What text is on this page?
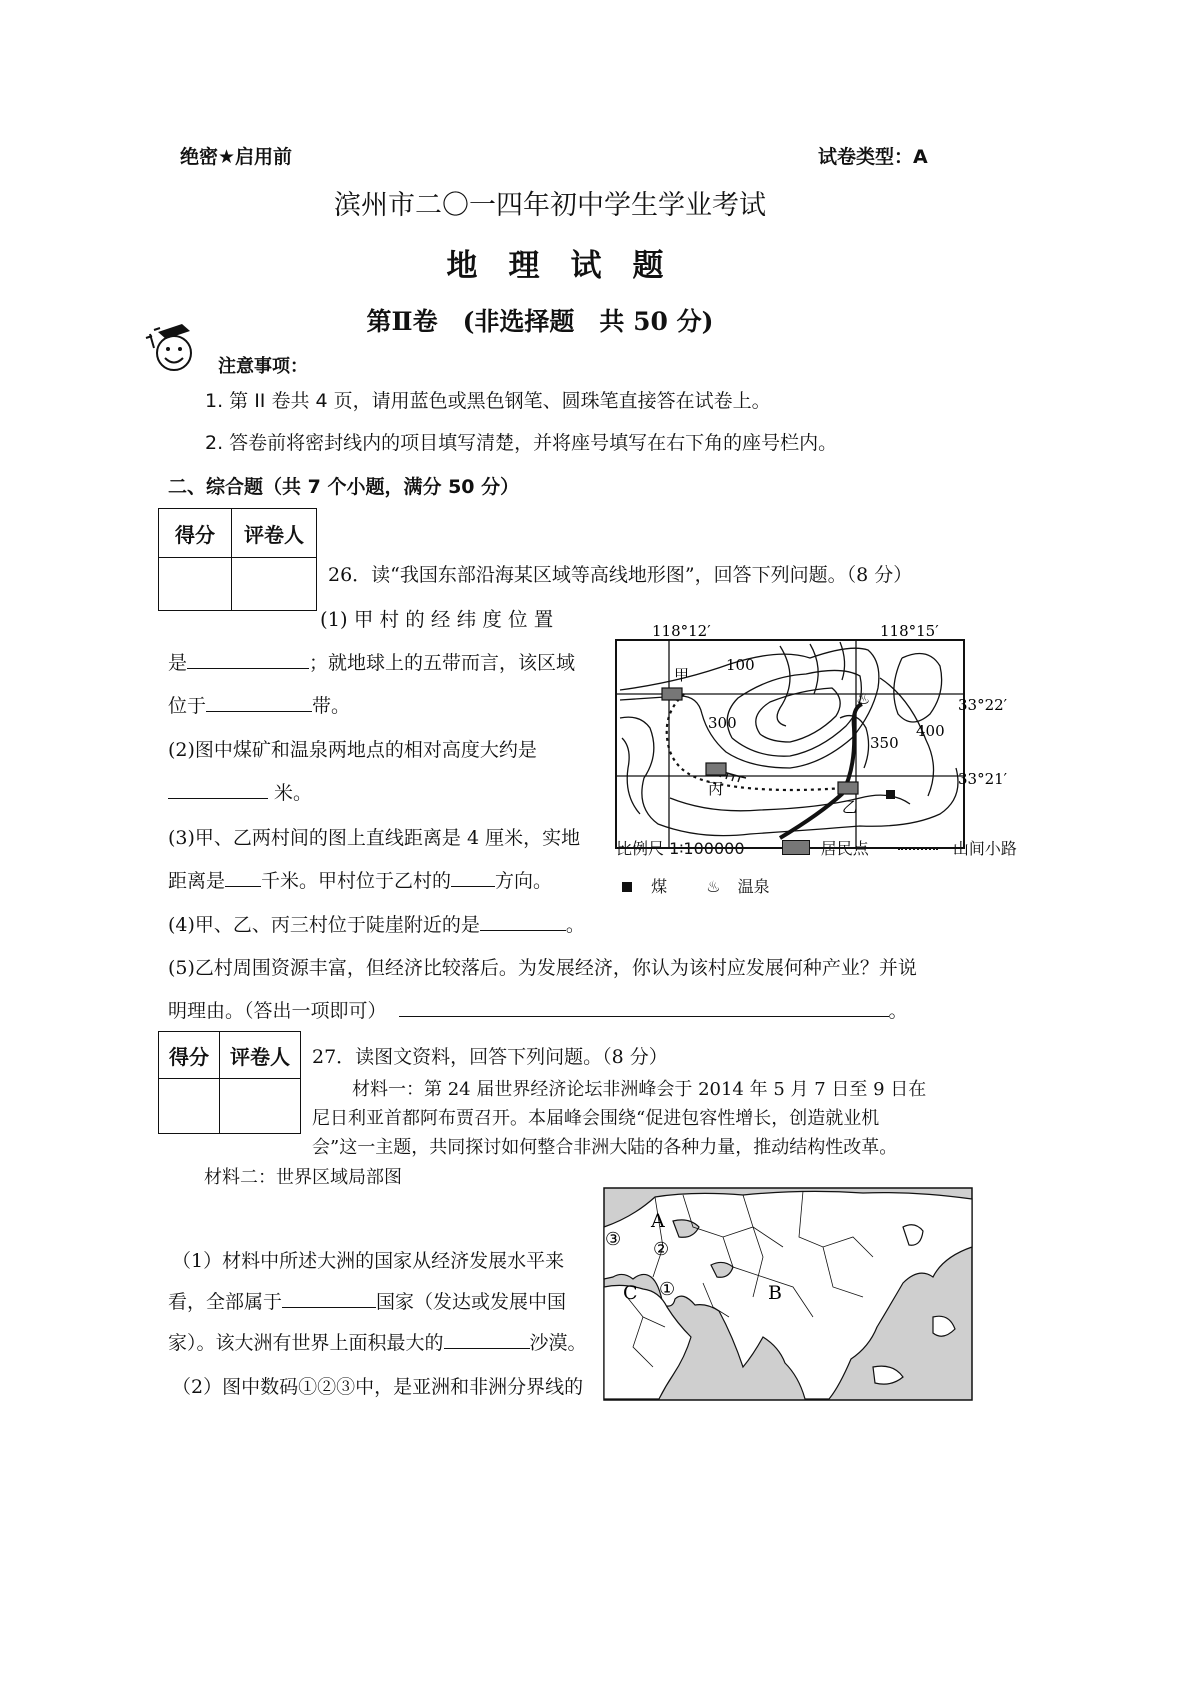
绝密★启用前	试卷类型：A
滨州市二〇一四年初中学生学业考试
地　理　试　题
第Ⅱ卷　(非选择题　共 50 分)
注意事项：
1. 第 II 卷共 4 页，请用蓝色或黑色钢笔、圆珠笔直接答在试卷上。
2. 答卷前将密封线内的项目填写清楚，并将座号填写在右下角的座号栏内。
二、综合题（共 7 个小题，满分 50 分）
得分	评卷人

26．读“我国东部沿海某区域等高线地形图”，回答下列问题。（8 分）
(1) 甲 村 的 经 纬 度 位 置
是	；就地球上的五带而言，该区域
位于	带。
(2)图中煤矿和温泉两地点的相对高度大约是
米。
(3)甲、乙两村间的图上直线距离是 4 厘米，实地
距离是 千米。甲村位于乙村的 方向。
(4)甲、乙、丙三村位于陡崖附近的是	。
(5)乙村周围资源丰富，但经济比较落后。为发展经济，你认为该村应发展何种产业？并说
明理由。（答出一项即可）	。
♨
118°12′	118°15′
33°22′
33°21′
100
300
350
400
甲
丙
乙
比例尺 1∶100000	居民点	山间小路
煤 ♨ 温泉
得分	评卷人
	27．读图文资料，回答下列问题。（8 分）
材料一：第 24 届世界经济论坛非洲峰会于 2014 年 5 月 7 日至 9 日在
尼日利亚首都阿布贾召开。本届峰会围绕“促进包容性增长，创造就业机
会”这一主题，共同探讨如何整合非洲大陆的各种力量，推动结构性改革。
材料二：世界区域局部图
（1）材料中所述大洲的国家从经济发展水平来
看，全部属于	国家（发达或发展中国
家）。该大洲有世界上面积最大的	沙漠。
（2）图中数码①②③中，是亚洲和非洲分界线的
A
B
C ①
②
③
